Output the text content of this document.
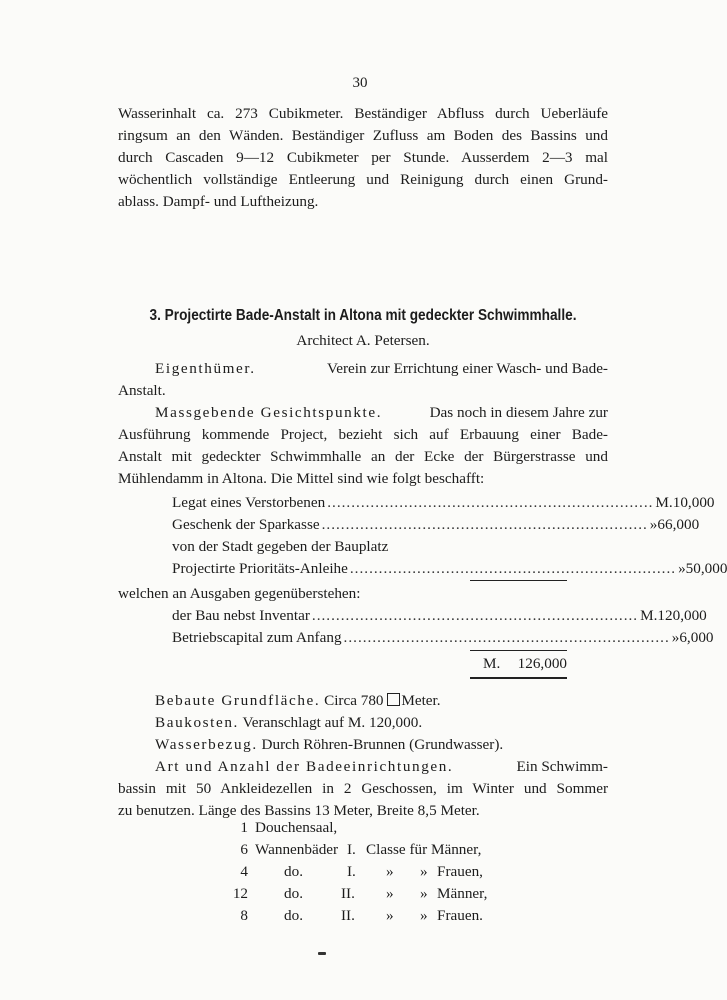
30
Wasserinhalt ca. 273 Cubikmeter. Beständiger Abfluss durch Ueberläufe
ringsum an den Wänden. Beständiger Zufluss am Boden des Bassins und
durch Cascaden 9—12 Cubikmeter per Stunde. Ausserdem 2—3 mal
wöchentlich vollständige Entleerung und Reinigung durch einen Grund-
ablass. Dampf- und Luftheizung.
3. Projectirte Bade-Anstalt in Altona mit gedeckter Schwimmhalle.
Architect A. Petersen.
Eigenthümer.	Verein zur Errichtung einer Wasch- und Bade-
Anstalt.
Massgebende Gesichtspunkte.	Das noch in diesem Jahre zur
Ausführung kommende Project, bezieht sich auf Erbauung einer Bade-
Anstalt mit gedeckter Schwimmhalle an der Ecke der Bürgerstrasse und
Mühlendamm in Altona. Die Mittel sind wie folgt beschafft:
Legat eines Verstorbenen .................................................................... M. 10,000
Geschenk der Sparkasse .................................................................... » 66,000
von der Stadt gegeben der Bauplatz
Projectirte Prioritäts-Anleihe .................................................................... » 50,000
welchen an Ausgaben gegenüberstehen:
der Bau nebst Inventar .................................................................... M. 120,000
Betriebscapital zum Anfang .................................................................... » 6,000
M.	126,000
Bebaute Grundfläche. Circa 780 Meter.
Baukosten. Veranschlagt auf M. 120,000.
Wasserbezug. Durch Röhren-Brunnen (Grundwasser).
Art und Anzahl der Badeeinrichtungen.	Ein Schwimm-
bassin mit 50 Ankleidezellen in 2 Geschossen, im Winter und Sommer
zu benutzen. Länge des Bassins 13 Meter, Breite 8,5 Meter.
1 Douchensaal,
6 Wannenbäder I. Classe für Männer,
4 do.	I. » » Frauen,
12 do.	II. » » Männer,
8 do.	II. » » Frauen.
